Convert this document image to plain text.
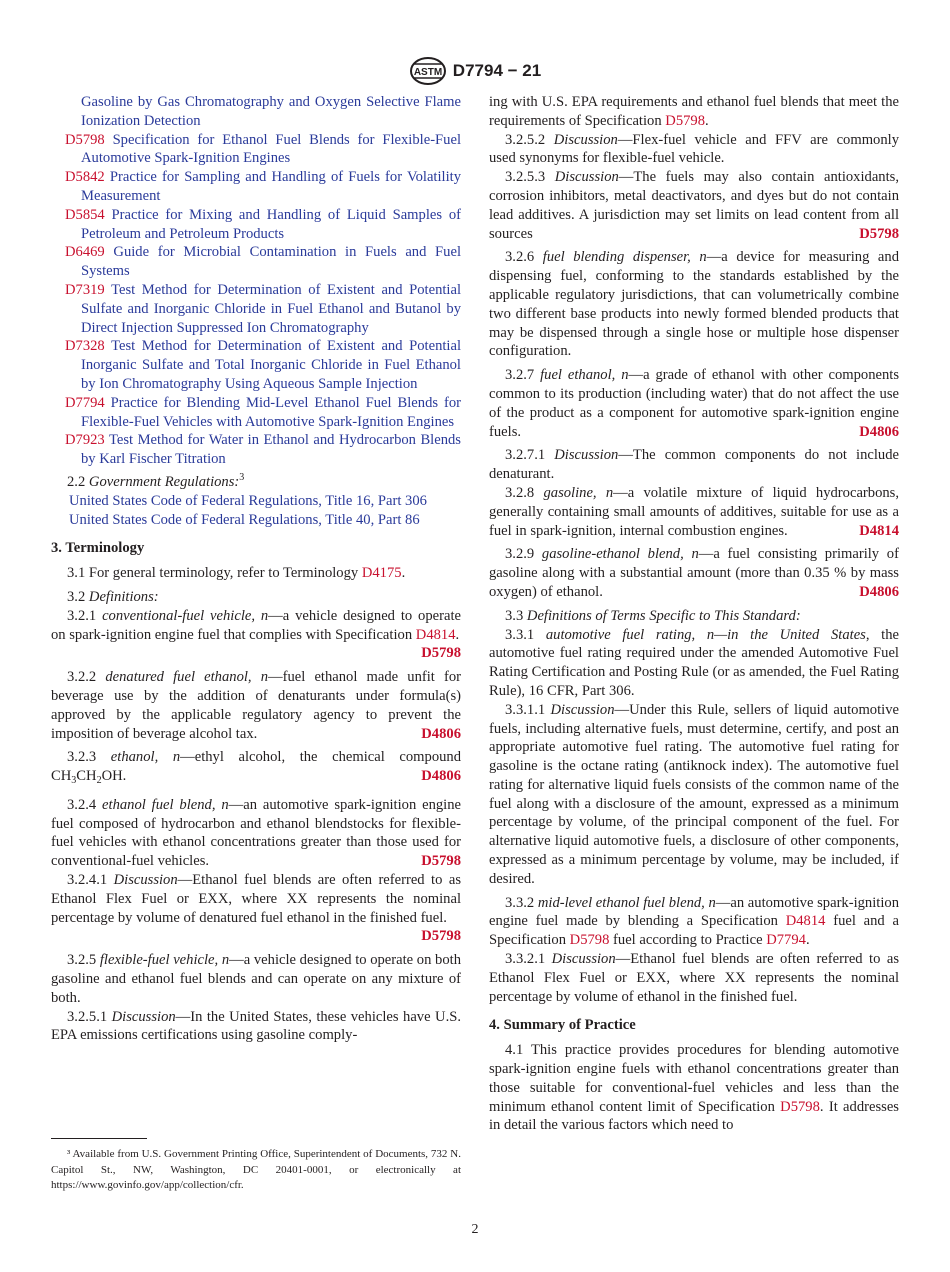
ASTM D7794 − 21

Gasoline by Gas Chromatography and Oxygen Selective Flame Ionization Detection

D5798 Specification for Ethanol Fuel Blends for Flexible-Fuel Automotive Spark-Ignition Engines

D5842 Practice for Sampling and Handling of Fuels for Volatility Measurement

D5854 Practice for Mixing and Handling of Liquid Samples of Petroleum and Petroleum Products

D6469 Guide for Microbial Contamination in Fuels and Fuel Systems

D7319 Test Method for Determination of Existent and Potential Sulfate and Inorganic Chloride in Fuel Ethanol and Butanol by Direct Injection Suppressed Ion Chromatography

D7328 Test Method for Determination of Existent and Potential Inorganic Sulfate and Total Inorganic Chloride in Fuel Ethanol by Ion Chromatography Using Aqueous Sample Injection

D7794 Practice for Blending Mid-Level Ethanol Fuel Blends for Flexible-Fuel Vehicles with Automotive Spark-Ignition Engines

D7923 Test Method for Water in Ethanol and Hydrocarbon Blends by Karl Fischer Titration

2.2 Government Regulations:$^3$

United States Code of Federal Regulations, Title 16, Part 306

United States Code of Federal Regulations, Title 40, Part 86

3. Terminology

3.1 For general terminology, refer to Terminology D4175.

3.2 Definitions:

3.2.1 conventional-fuel vehicle, n—a vehicle designed to operate on spark-ignition engine fuel that complies with Specification D4814.
D5798

3.2.2 denatured fuel ethanol, n—fuel ethanol made unfit for beverage use by the addition of denaturants under formula(s) approved by the applicable regulatory agency to prevent the imposition of beverage alcohol tax.	D4806

3.2.3 ethanol, n—ethyl alcohol, the chemical compound $CH_3CH_2OH$.	D4806

3.2.4 ethanol fuel blend, n—an automotive spark-ignition engine fuel composed of hydrocarbon and ethanol blendstocks for flexible-fuel vehicles with ethanol concentrations greater than those used for conventional-fuel vehicles.	D5798

3.2.4.1 Discussion—Ethanol fuel blends are often referred to as Ethanol Flex Fuel or EXX, where XX represents the nominal percentage by volume of denatured fuel ethanol in the finished fuel.
D5798

3.2.5 flexible-fuel vehicle, n—a vehicle designed to operate on both gasoline and ethanol fuel blends and can operate on any mixture of both.

3.2.5.1 Discussion—In the United States, these vehicles have U.S. EPA emissions certifications using gasoline comply-

³ Available from U.S. Government Printing Office, Superintendent of Documents, 732 N. Capitol St., NW, Washington, DC 20401-0001, or electronically at https://www.govinfo.gov/app/collection/cfr.

ing with U.S. EPA requirements and ethanol fuel blends that meet the requirements of Specification D5798.

3.2.5.2 Discussion—Flex-fuel vehicle and FFV are commonly used synonyms for flexible-fuel vehicle.

3.2.5.3 Discussion—The fuels may also contain antioxidants, corrosion inhibitors, metal deactivators, and dyes but do not contain lead additives. A jurisdiction may set limits on lead content from all sources	D5798

3.2.6 fuel blending dispenser, n—a device for measuring and dispensing fuel, conforming to the standards established by the applicable regulatory jurisdictions, that can volumetrically combine two different base products into newly formed blended products that may be dispensed through a single hose or multiple hose dispenser configuration.

3.2.7 fuel ethanol, n—a grade of ethanol with other components common to its production (including water) that do not affect the use of the product as a component for automotive spark-ignition engine fuels.	D4806

3.2.7.1 Discussion—The common components do not include denaturant.

3.2.8 gasoline, n—a volatile mixture of liquid hydrocarbons, generally containing small amounts of additives, suitable for use as a fuel in spark-ignition, internal combustion engines.	D4814

3.2.9 gasoline-ethanol blend, n—a fuel consisting primarily of gasoline along with a substantial amount (more than 0.35 % by mass oxygen) of ethanol.	D4806

3.3 Definitions of Terms Specific to This Standard:

3.3.1 automotive fuel rating, n—in the United States, the automotive fuel rating required under the amended Automotive Fuel Rating Certification and Posting Rule (or as amended, the Fuel Rating Rule), 16 CFR, Part 306.

3.3.1.1 Discussion—Under this Rule, sellers of liquid automotive fuels, including alternative fuels, must determine, certify, and post an appropriate automotive fuel rating. The automotive fuel rating for gasoline is the octane rating (antiknock index). The automotive fuel rating for alternative liquid fuels consists of the common name of the fuel along with a disclosure of the amount, expressed as a minimum percentage by volume, of the principal component of the fuel. For alternative liquid automotive fuels, a disclosure of other components, expressed as a minimum percentage by volume, may be included, if desired.

3.3.2 mid-level ethanol fuel blend, n—an automotive spark-ignition engine fuel made by blending a Specification D4814 fuel and a Specification D5798 fuel according to Practice D7794.

3.3.2.1 Discussion—Ethanol fuel blends are often referred to as Ethanol Flex Fuel or EXX, where XX represents the nominal percentage by volume of ethanol in the finished fuel.

4. Summary of Practice

4.1 This practice provides procedures for blending automotive spark-ignition engine fuels with ethanol concentrations greater than those suitable for conventional-fuel vehicles and less than the minimum ethanol content limit of Specification D5798. It addresses in detail the various factors which need to

2
